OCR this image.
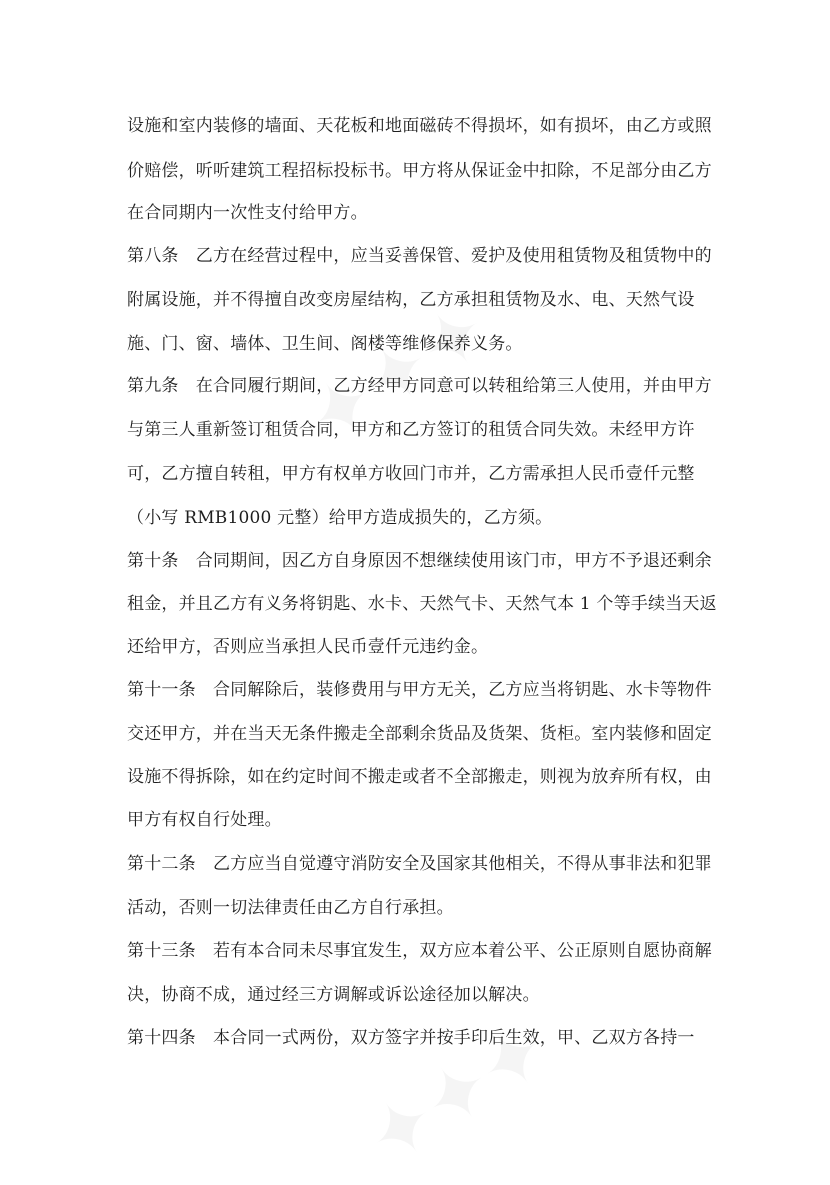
设施和室内装修的墙面、天花板和地面磁砖不得损坏，如有损坏，由乙方或照
价赔偿，听听建筑工程招标投标书。甲方将从保证金中扣除，不足部分由乙方
在合同期内一次性支付给甲方。
第八条　乙方在经营过程中，应当妥善保管、爱护及使用租赁物及租赁物中的
附属设施，并不得擅自改变房屋结构，乙方承担租赁物及水、电、天然气设
施、门、窗、墙体、卫生间、阁楼等维修保养义务。
第九条　在合同履行期间，乙方经甲方同意可以转租给第三人使用，并由甲方
与第三人重新签订租赁合同，甲方和乙方签订的租赁合同失效。未经甲方许
可，乙方擅自转租，甲方有权单方收回门市并，乙方需承担人民币壹仟元整
（小写 RMB1000 元整）给甲方造成损失的，乙方须。
第十条　合同期间，因乙方自身原因不想继续使用该门市，甲方不予退还剩余
租金，并且乙方有义务将钥匙、水卡、天然气卡、天然气本 1 个等手续当天返
还给甲方，否则应当承担人民币壹仟元违约金。
第十一条　合同解除后，装修费用与甲方无关，乙方应当将钥匙、水卡等物件
交还甲方，并在当天无条件搬走全部剩余货品及货架、货柜。室内装修和固定
设施不得拆除，如在约定时间不搬走或者不全部搬走，则视为放弃所有权，由
甲方有权自行处理。
第十二条　乙方应当自觉遵守消防安全及国家其他相关，不得从事非法和犯罪
活动，否则一切法律责任由乙方自行承担。
第十三条　若有本合同未尽事宜发生，双方应本着公平、公正原则自愿协商解
决，协商不成，通过经三方调解或诉讼途径加以解决。
第十四条　本合同一式两份，双方签字并按手印后生效，甲、乙双方各持一
